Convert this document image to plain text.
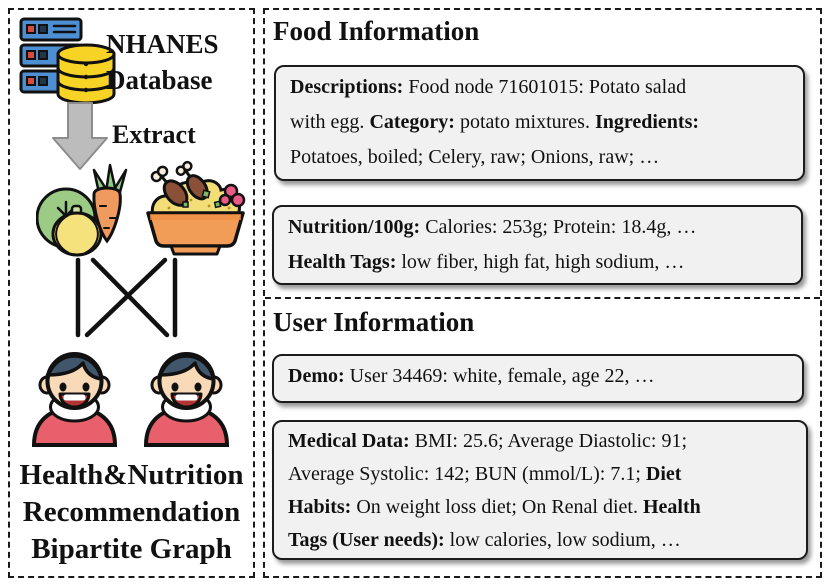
NHANES
Database
Extract
Health&Nutrition
Recommendation
Bipartite Graph
Food Information
Descriptions: Food node 71601015: Potato salad
with egg. Category: potato mixtures. Ingredients:
Potatoes, boiled; Celery, raw; Onions, raw; …
Nutrition/100g: Calories: 253g; Protein: 18.4g, …
Health Tags: low fiber, high fat, high sodium, …
User Information
Demo: User 34469: white, female, age 22, …
Medical Data: BMI: 25.6; Average Diastolic: 91;
Average Systolic: 142; BUN (mmol/L): 7.1; Diet
Habits: On weight loss diet; On Renal diet. Health
Tags (User needs): low calories, low sodium, …
